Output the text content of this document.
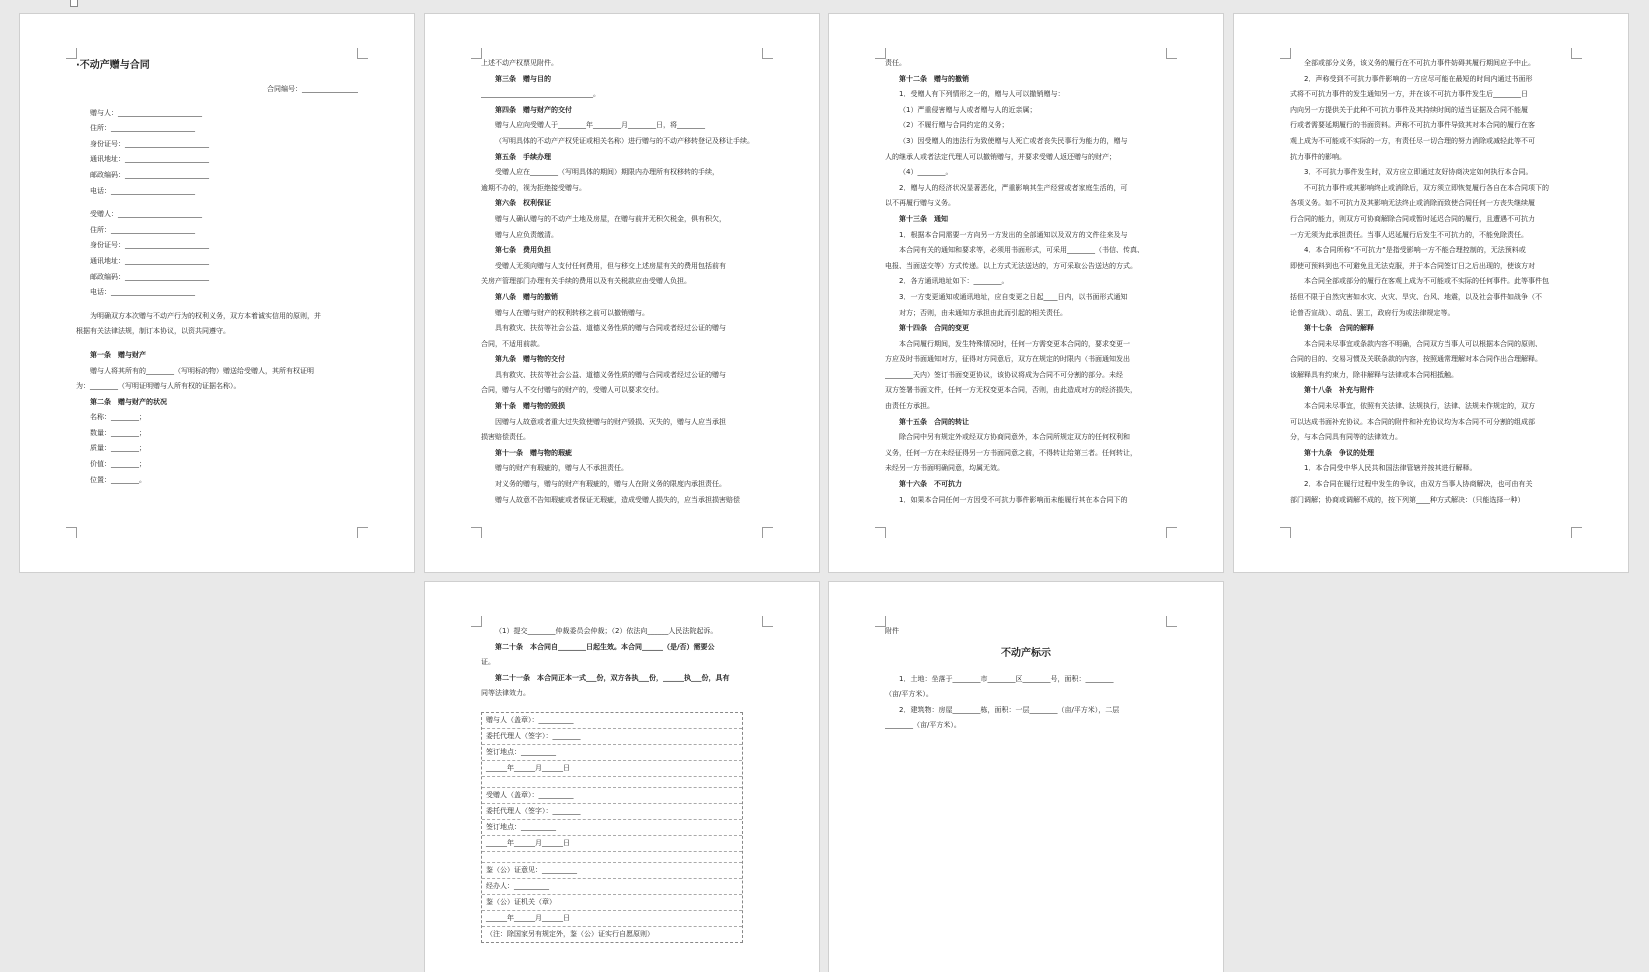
·不动产赠与合同

合同编号：________________

赠与人：________________________

住所：________________________

身份证号：________________________

通讯地址：________________________

邮政编码：________________________

电话：________________________

受赠人：________________________

住所：________________________

身份证号：________________________

通讯地址：________________________

邮政编码：________________________

电话：________________________

为明确双方本次赠与不动产行为的权利义务，双方本着诚实信用的原则，并

根据有关法律法规，制订本协议，以资共同遵守。

第一条　赠与财产

赠与人将其所有的________（写明标的物）赠送给受赠人，其所有权证明

为：________（写明证明赠与人所有权的证据名称）。

第二条　赠与财产的状况

名称：________；

数量：________；

质量：________；

价值：________；

位置：________。

上述不动产权票见附件。

第三条　赠与目的

________________________________。

第四条　赠与财产的交付

赠与人应向受赠人于________年________月________日，将________

（写明具体的不动产产权凭证或相关名称）进行赠与的不动产移转登记及移让手续。

第五条　手续办理

受赠人应在________（写明具体的期间）期限内办理所有权移转的手续，

逾期不办的，视为拒绝接受赠与。

第六条　权利保证

赠与人确认赠与的不动产土地及房屋，在赠与前并无积欠税金，俱有积欠，

赠与人应负责缴清。

第七条　费用负担

受赠人无须向赠与人支付任何费用，但与移交上述房屋有关的费用包括前有

关房产管理部门办理有关手续的费用以及有关税款应由受赠人负担。

第八条　赠与的撤销

赠与人在赠与财产的权利转移之前可以撤销赠与。

具有救灾、扶贫等社会公益、道德义务性质的赠与合同或者经过公证的赠与

合同，不适用前款。

第九条　赠与物的交付

具有救灾、扶贫等社会公益、道德义务性质的赠与合同或者经过公证的赠与

合同，赠与人不交付赠与的财产的，受赠人可以要求交付。

第十条　赠与物的毁损

因赠与人故意或者重大过失致使赠与的财产毁损、灭失的，赠与人应当承担

损害赔偿责任。

第十一条　赠与物的瑕疵

赠与的财产有瑕疵的，赠与人不承担责任。

对义务的赠与，赠与的财产有瑕疵的，赠与人在附义务的限度内承担责任。

赠与人故意不告知瑕疵或者保证无瑕疵，造成受赠人损失的，应当承担损害赔偿

责任。

第十二条　赠与的撤销

1．受赠人有下列情形之一的，赠与人可以撤销赠与：

（1）严重侵害赠与人或者赠与人的近亲属；

（2）不履行赠与合同约定的义务；

（3）因受赠人的违法行为致使赠与人死亡或者丧失民事行为能力的，赠与

人的继承人或者法定代理人可以撤销赠与，并要求受赠人返还赠与的财产；

（4）________。

2．赠与人的经济状况显著恶化，严重影响其生产经营或者家庭生活的，可

以不再履行赠与义务。

第十三条　通知

1．根据本合同需要一方向另一方发出的全部通知以及双方的文件往来及与

本合同有关的通知和要求等，必须用书面形式，可采用________（书信、传真、

电报、当面送交等）方式传递。以上方式无法送达的，方可采取公告送达的方式。

2．各方通讯地址如下：________。

3．一方变更通知或通讯地址，应自变更之日起____日内，以书面形式通知

对方；否则，由未通知方承担由此而引起的相关责任。

第十四条　合同的变更

本合同履行期间，发生特殊情况时，任何一方需变更本合同的，要求变更一

方应及时书面通知对方，征得对方同意后，双方在规定的时限内（书面通知发出

________天内）签订书面变更协议，该协议将成为合同不可分割的部分。未经

双方签署书面文件，任何一方无权变更本合同，否则，由此造成对方的经济损失，

由责任方承担。

第十五条　合同的转让

除合同中另有规定外或经双方协商同意外，本合同所规定双方的任何权利和

义务，任何一方在未经征得另一方书面同意之前，不得转让给第三者。任何转让，

未经另一方书面明确同意，均属无效。

第十六条　不可抗力

1．如果本合同任何一方因受不可抗力事件影响而未能履行其在本合同下的

全部或部分义务，该义务的履行在不可抗力事件妨碍其履行期间应予中止。

2．声称受到不可抗力事件影响的一方应尽可能在最短的时间内通过书面形

式将不可抗力事件的发生通知另一方，并在该不可抗力事件发生后________日

内向另一方提供关于此种不可抗力事件及其持续时间的适当证据及合同不能履

行或者需要延期履行的书面资料。声称不可抗力事件导致其对本合同的履行在客

观上成为不可能或不实际的一方，有责任尽一切合理的努力消除或减轻此等不可

抗力事件的影响。

3．不可抗力事件发生时，双方应立即通过友好协商决定如何执行本合同。

不可抗力事件或其影响终止或消除后，双方须立即恢复履行各自在本合同项下的

各项义务。如不可抗力及其影响无法终止或消除而致使合同任何一方丧失继续履

行合同的能力，则双方可协商解除合同或暂时延迟合同的履行，且遭遇不可抗力

一方无须为此承担责任。当事人迟延履行后发生不可抗力的，不能免除责任。

4．本合同所称“不可抗力”是指受影响一方不能合理控制的，无法预料或

即使可预料到也不可避免且无法克服，并于本合同签订日之后出现的，使该方对

本合同全部或部分的履行在客观上成为不可能或不实际的任何事件。此等事件包

括但不限于自然灾害如水灾、火灾、旱灾、台风、地震，以及社会事件如战争（不

论曾否宣战）、动乱、罢工，政府行为或法律规定等。

第十七条　合同的解释

本合同未尽事宜或条款内容不明确，合同双方当事人可以根据本合同的原则、

合同的目的、交易习惯及关联条款的内容，按照通常理解对本合同作出合理解释。

该解释具有约束力，除非解释与法律或本合同相抵触。

第十八条　补充与附件

本合同未尽事宜，依照有关法律、法规执行，法律、法规未作规定的，双方

可以达成书面补充协议。本合同的附件和补充协议均为本合同不可分割的组成部

分，与本合同具有同等的法律效力。

第十九条　争议的处理

1．本合同受中华人民共和国法律管辖并按其进行解释。

2．本合同在履行过程中发生的争议，由双方当事人协商解决，也可由有关

部门调解；协商或调解不成的，按下列第____种方式解决：（只能选择一种）

（1）提交________仲裁委员会仲裁；（2）依法向______人民法院起诉。

第二十条　本合同自________日起生效。本合同______（是/否）需要公

证。

第二十一条　本合同正本一式___份，双方各执___份，______执___份，具有

同等法律效力。

赠与人（盖章）：__________
委托代理人（签字）：________
签订地点：__________
______年______月______日
受赠人（盖章）：__________
委托代理人（签字）：________
签订地点：__________
______年______月______日
鉴（公）证意见：__________
经办人：__________
鉴（公）证机关（章）
______年______月______日
（注：除国家另有规定外，鉴（公）证实行自愿原则）

附件

不动产标示

1．土地：坐落于________市________区________号，面积：________

（亩/平方米）。

2．建筑物：房屋________栋，面积：一层________（亩/平方米），二层

________（亩/平方米）。
